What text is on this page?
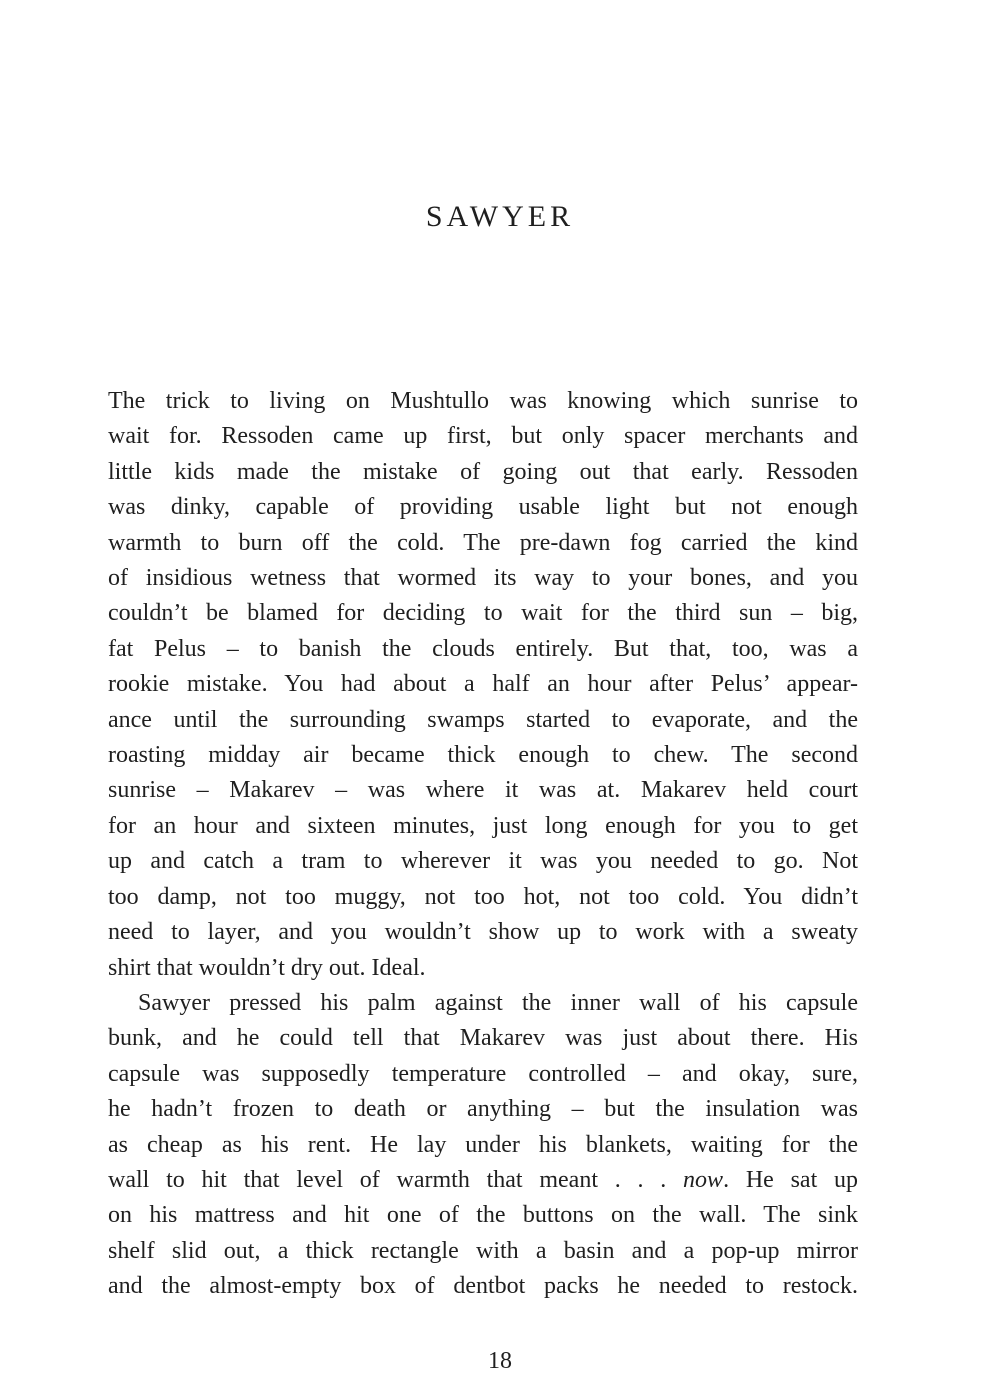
SAWYER

The trick to living on Mushtullo was knowing which sunrise to
wait for. Ressoden came up first, but only spacer merchants and
little kids made the mistake of going out that early. Ressoden
was dinky, capable of providing usable light but not enough
warmth to burn off the cold. The pre-dawn fog carried the kind
of insidious wetness that wormed its way to your bones, and you
couldn’t be blamed for deciding to wait for the third sun – big,
fat Pelus – to banish the clouds entirely. But that, too, was a
rookie mistake. You had about a half an hour after Pelus’ appear-
ance until the surrounding swamps started to evaporate, and the
roasting midday air became thick enough to chew. The second
sunrise – Makarev – was where it was at. Makarev held court
for an hour and sixteen minutes, just long enough for you to get
up and catch a tram to wherever it was you needed to go. Not
too damp, not too muggy, not too hot, not too cold. You didn’t
need to layer, and you wouldn’t show up to work with a sweaty
shirt that wouldn’t dry out. Ideal.

Sawyer pressed his palm against the inner wall of his capsule
bunk, and he could tell that Makarev was just about there. His
capsule was supposedly temperature controlled – and okay, sure,
he hadn’t frozen to death or anything – but the insulation was
as cheap as his rent. He lay under his blankets, waiting for the
wall to hit that level of warmth that meant . . . now. He sat up
on his mattress and hit one of the buttons on the wall. The sink
shelf slid out, a thick rectangle with a basin and a pop-up mirror
and the almost-empty box of dentbot packs he needed to restock.

18
